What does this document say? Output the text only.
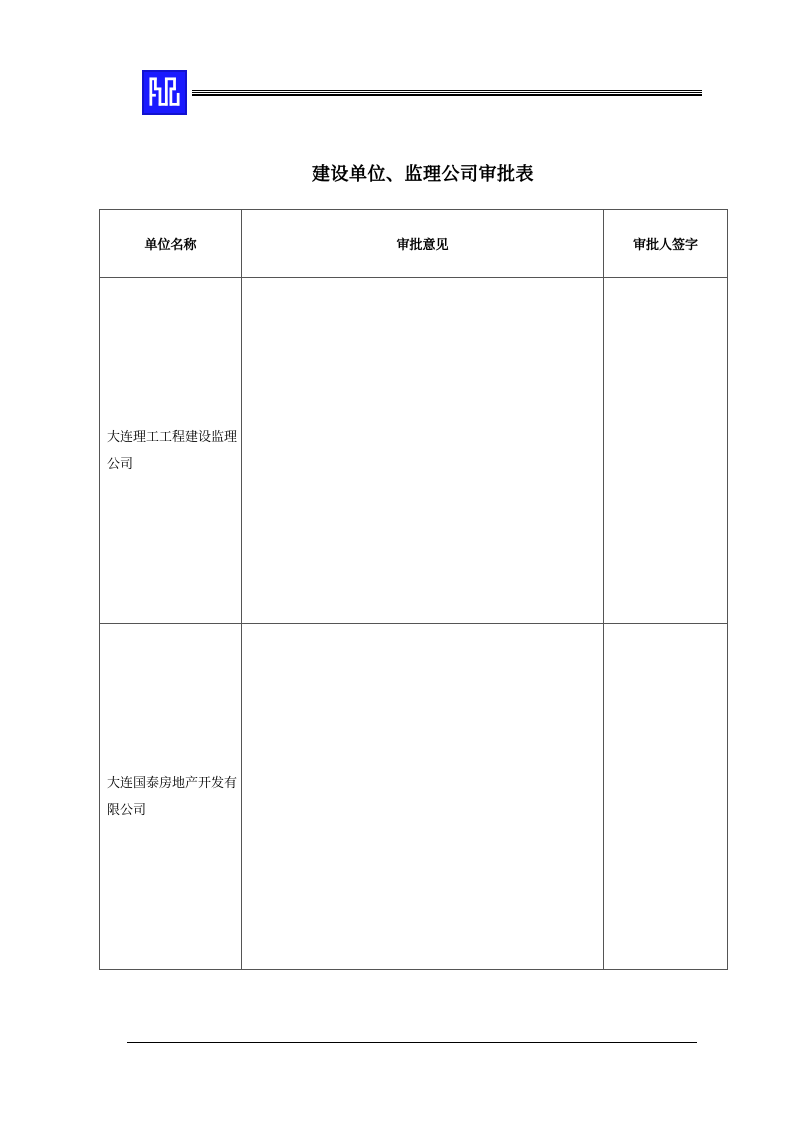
建设单位、监理公司审批表
单位名称	审批意见	审批人签字

大连理工工程建设监理公司		

大连国泰房地产开发有限公司		
